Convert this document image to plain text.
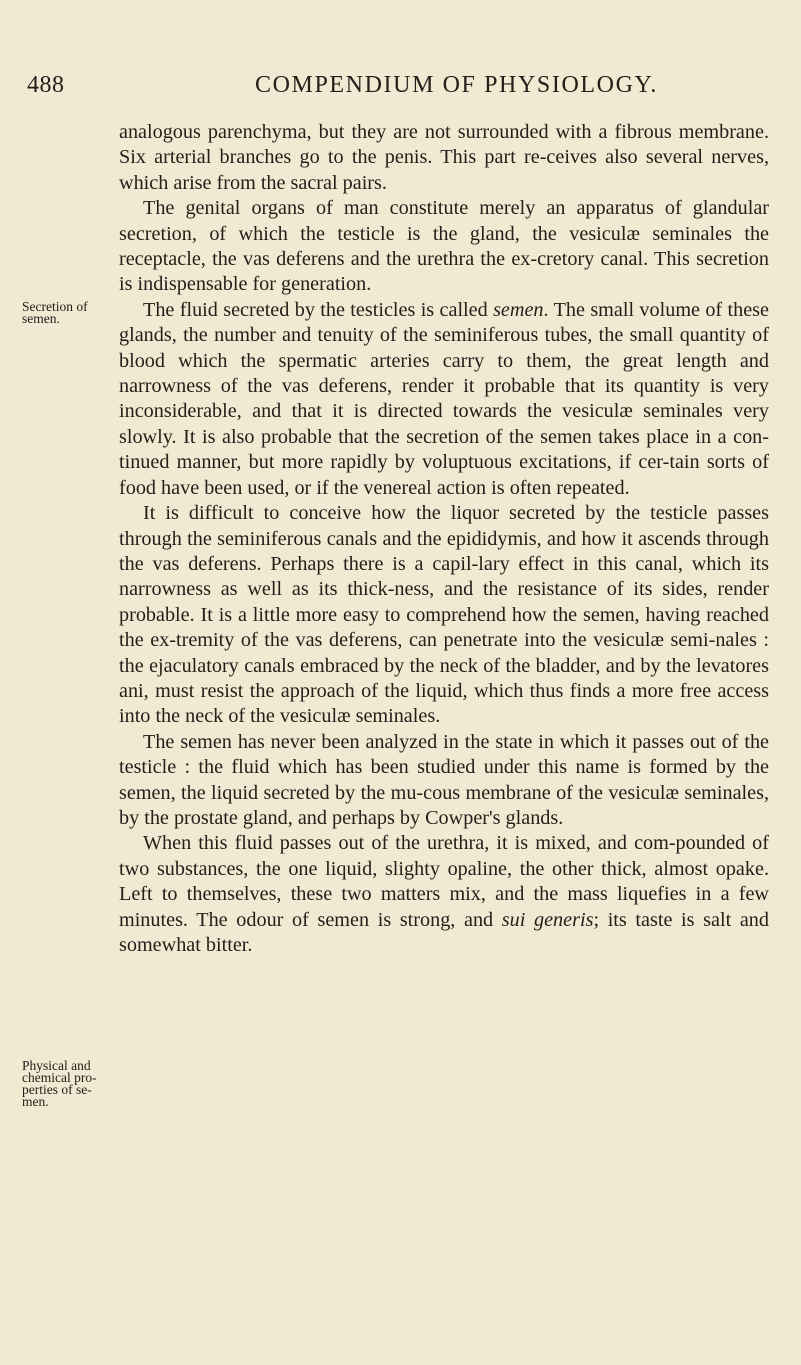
488	COMPENDIUM OF PHYSIOLOGY.
Secretion of semen.
Physical and chemical pro-perties of se-men.

analogous parenchyma, but they are not surrounded with a fibrous membrane. Six arterial branches go to the penis. This part re-ceives also several nerves, which arise from the sacral pairs.

The genital organs of man constitute merely an apparatus of glandular secretion, of which the testicle is the gland, the vesiculæ seminales the receptacle, the vas deferens and the urethra the ex-cretory canal. This secretion is indispensable for generation.

The fluid secreted by the testicles is called semen. The small volume of these glands, the number and tenuity of the seminiferous tubes, the small quantity of blood which the spermatic arteries carry to them, the great length and narrowness of the vas deferens, render it probable that its quantity is very inconsiderable, and that it is directed towards the vesiculæ seminales very slowly. It is also probable that the secretion of the semen takes place in a con-tinued manner, but more rapidly by voluptuous excitations, if cer-tain sorts of food have been used, or if the venereal action is often repeated.

It is difficult to conceive how the liquor secreted by the testicle passes through the seminiferous canals and the epididymis, and how it ascends through the vas deferens. Perhaps there is a capil-lary effect in this canal, which its narrowness as well as its thick-ness, and the resistance of its sides, render probable. It is a little more easy to comprehend how the semen, having reached the ex-tremity of the vas deferens, can penetrate into the vesiculæ semi-nales : the ejaculatory canals embraced by the neck of the bladder, and by the levatores ani, must resist the approach of the liquid, which thus finds a more free access into the neck of the vesiculæ seminales.

The semen has never been analyzed in the state in which it passes out of the testicle : the fluid which has been studied under this name is formed by the semen, the liquid secreted by the mu-cous membrane of the vesiculæ seminales, by the prostate gland, and perhaps by Cowper's glands.

When this fluid passes out of the urethra, it is mixed, and com-pounded of two substances, the one liquid, slighty opaline, the other thick, almost opake. Left to themselves, these two matters mix, and the mass liquefies in a few minutes. The odour of semen is strong, and sui generis; its taste is salt and somewhat bitter.
